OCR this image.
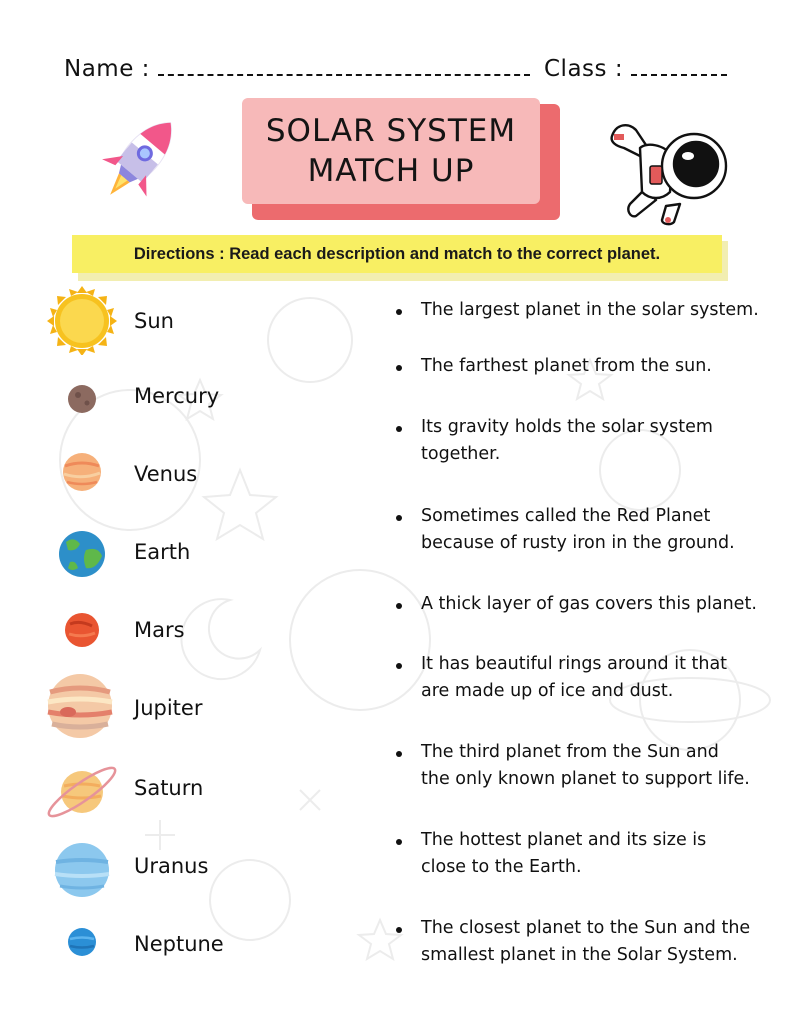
Name :	Class :
SOLAR SYSTEM
MATCH UP
Directions : Read each description and match to the correct planet.
Sun
Mercury
Venus
Earth
Mars
Jupiter
Saturn
Uranus
Neptune
The largest planet in the solar system.
The farthest planet from the sun.
Its gravity holds the solar system
together.
Sometimes called the Red Planet
because of rusty iron in the ground.
A thick layer of gas covers this planet.
It has beautiful rings around it that
are made up of ice and dust.
The third planet from the Sun and
the only known planet to support life.
The hottest planet and its size is
close to the Earth.
The closest planet to the Sun and the
smallest planet in the Solar System.
